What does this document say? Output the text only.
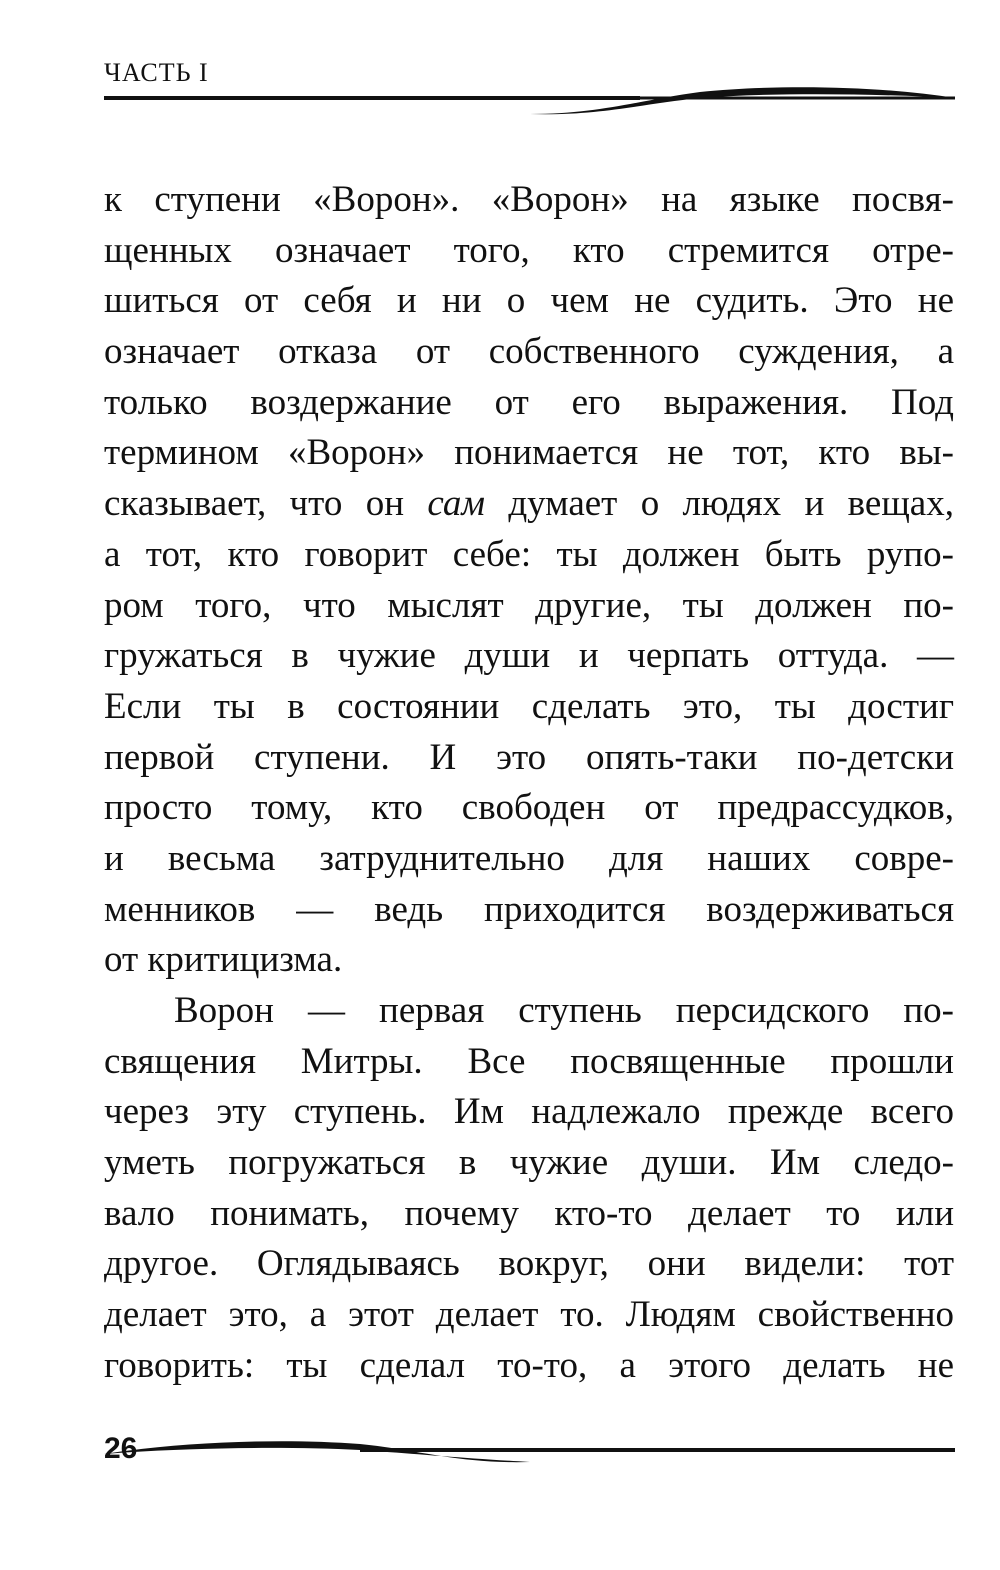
ЧАСТЬ I
к ступени «Ворон». «Ворон» на языке посвя-
щенных означает того, кто стремится отре-
шиться от себя и ни о чем не судить. Это не
означает отказа от собственного суждения, а
только воздержание от его выражения. Под
термином «Ворон» понимается не тот, кто вы-
сказывает, что он сам думает о людях и вещах,
а тот, кто говорит себе: ты должен быть рупо-
ром того, что мыслят другие, ты должен по-
гружаться в чужие души и черпать оттуда. —
Если ты в состоянии сделать это, ты достиг
первой ступени. И это опять-таки по-детски
просто тому, кто свободен от предрассудков,
и весьма затруднительно для наших совре-
менников — ведь приходится воздерживаться
от критицизма.
Ворон — первая ступень персидского по-
священия Митры. Все посвященные прошли
через эту ступень. Им надлежало прежде всего
уметь погружаться в чужие души. Им следо-
вало понимать, почему кто-то делает то или
другое. Оглядываясь вокруг, они видели: тот
делает это, а этот делает то. Людям свойственно
говорить: ты сделал то-то, а этого делать не
26
